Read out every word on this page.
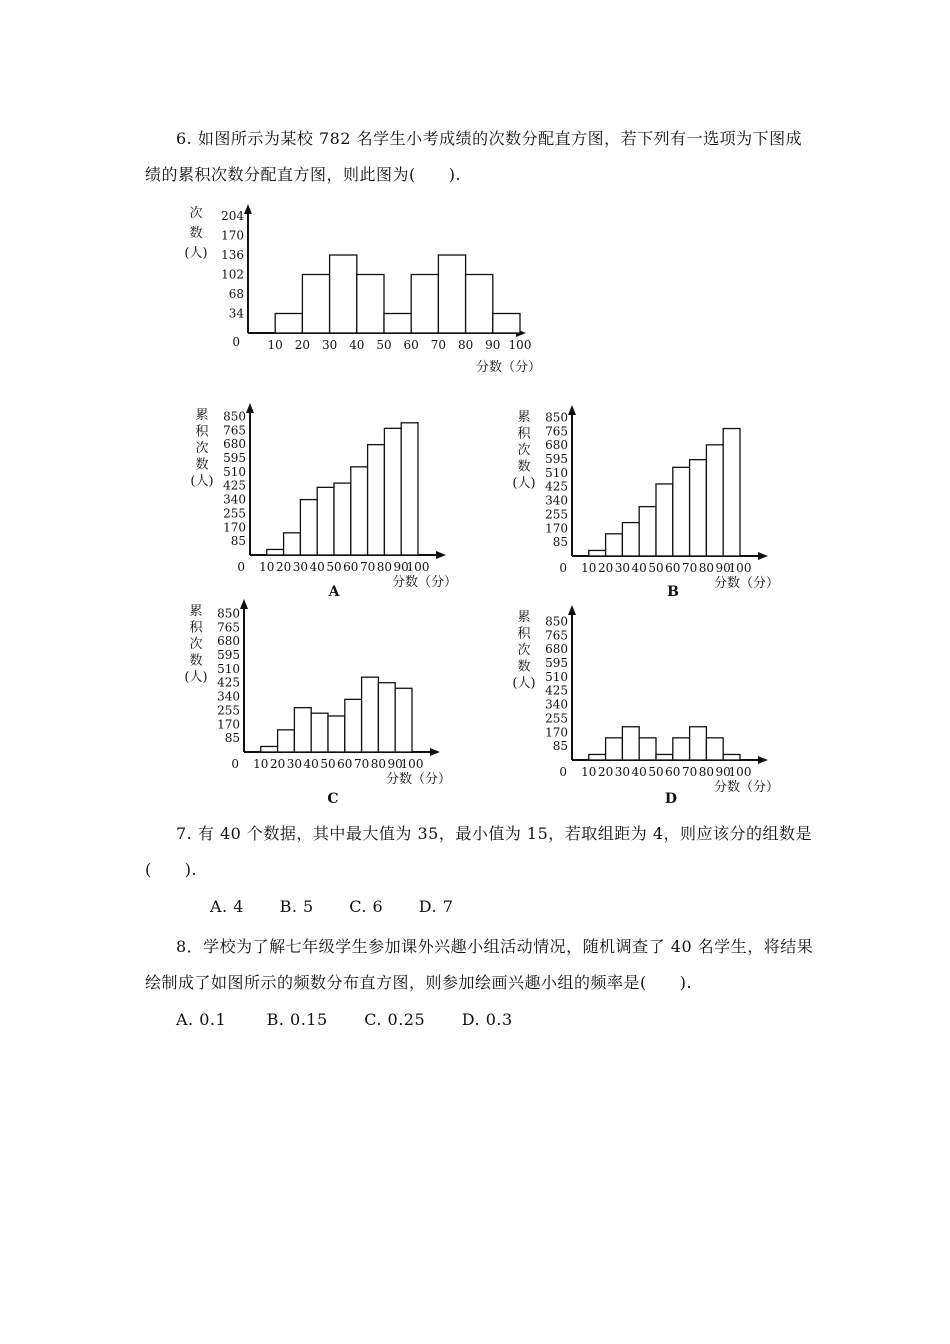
6. 如图所示为某校 782 名学生小考成绩的次数分配直方图，若下列有一选项为下图成
绩的累积次数分配直方图，则此图为(　　).
次
数
(人)
0
分数（分）
34
68
102
136
170
204
10 20 30 40 50 60 70 80 90 100
85
170
255
340
425
510
595
680
765
850
10 20 30 40 50 60 70 80 90
100
累
积
次
数
(人)
0
分数（分）
A
85
170
255
340
425
510
595
680
765
850
10 20 30 40 50 60 70 80 90
100
累
积
次
数
(人)
0
分数（分）
B
85
170
255
340
425
510
595
680
765
850
10 20 30 40 50 60 70 80 90
100
累
积
次
数
(人)
0
分数（分）
C
85
170
255
340
425
510
595
680
765
850
10 20 30 40 50 60 70 80 90
100
累
积
次
数
(人)
0
分数（分）
D
7. 有 40 个数据，其中最大值为 35，最小值为 15，若取组距为 4，则应该分的组数是
(　　).
A. 4 B. 5 C. 6 D. 7
8．学校为了解七年级学生参加课外兴趣小组活动情况，随机调查了 40 名学生，将结果
绘制成了如图所示的频数分布直方图，则参加绘画兴趣小组的频率是(　　).
A. 0.1	B. 0.15 C. 0.25 D. 0.3
